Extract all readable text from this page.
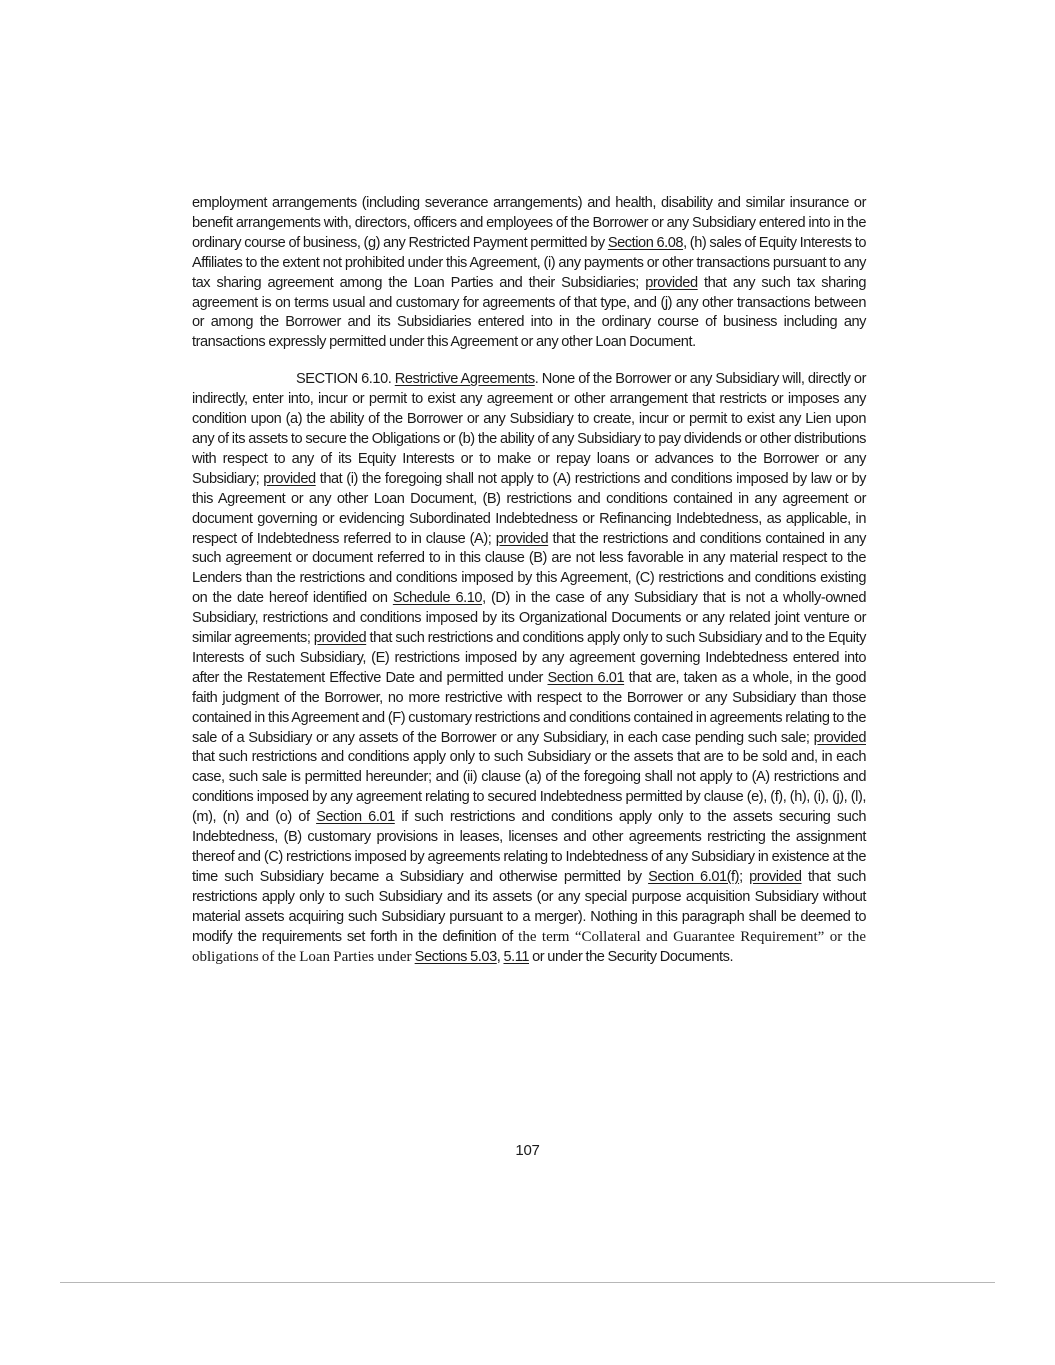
employment arrangements (including severance arrangements) and health, disability and similar insurance or benefit arrangements with, directors, officers and employees of the Borrower or any Subsidiary entered into in the ordinary course of business, (g) any Restricted Payment permitted by Section 6.08, (h) sales of Equity Interests to Affiliates to the extent not prohibited under this Agreement, (i) any payments or other transactions pursuant to any tax sharing agreement among the Loan Parties and their Subsidiaries; provided that any such tax sharing agreement is on terms usual and customary for agreements of that type, and (j) any other transactions between or among the Borrower and its Subsidiaries entered into in the ordinary course of business including any transactions expressly permitted under this Agreement or any other Loan Document.

SECTION 6.10. Restrictive Agreements. None of the Borrower or any Subsidiary will, directly or indirectly, enter into, incur or permit to exist any agreement or other arrangement that restricts or imposes any condition upon (a) the ability of the Borrower or any Subsidiary to create, incur or permit to exist any Lien upon any of its assets to secure the Obligations or (b) the ability of any Subsidiary to pay dividends or other distributions with respect to any of its Equity Interests or to make or repay loans or advances to the Borrower or any Subsidiary; provided that (i) the foregoing shall not apply to (A) restrictions and conditions imposed by law or by this Agreement or any other Loan Document, (B) restrictions and conditions contained in any agreement or document governing or evidencing Subordinated Indebtedness or Refinancing Indebtedness, as applicable, in respect of Indebtedness referred to in clause (A); provided that the restrictions and conditions contained in any such agreement or document referred to in this clause (B) are not less favorable in any material respect to the Lenders than the restrictions and conditions imposed by this Agreement, (C) restrictions and conditions existing on the date hereof identified on Schedule 6.10, (D) in the case of any Subsidiary that is not a wholly-owned Subsidiary, restrictions and conditions imposed by its Organizational Documents or any related joint venture or similar agreements; provided that such restrictions and conditions apply only to such Subsidiary and to the Equity Interests of such Subsidiary, (E) restrictions imposed by any agreement governing Indebtedness entered into after the Restatement Effective Date and permitted under Section 6.01 that are, taken as a whole, in the good faith judgment of the Borrower, no more restrictive with respect to the Borrower or any Subsidiary than those contained in this Agreement and (F) customary restrictions and conditions contained in agreements relating to the sale of a Subsidiary or any assets of the Borrower or any Subsidiary, in each case pending such sale; provided that such restrictions and conditions apply only to such Subsidiary or the assets that are to be sold and, in each case, such sale is permitted hereunder; and (ii) clause (a) of the foregoing shall not apply to (A) restrictions and conditions imposed by any agreement relating to secured Indebtedness permitted by clause (e), (f), (h), (i), (j), (l), (m), (n) and (o) of Section 6.01 if such restrictions and conditions apply only to the assets securing such Indebtedness, (B) customary provisions in leases, licenses and other agreements restricting the assignment thereof and (C) restrictions imposed by agreements relating to Indebtedness of any Subsidiary in existence at the time such Subsidiary became a Subsidiary and otherwise permitted by Section 6.01(f); provided that such restrictions apply only to such Subsidiary and its assets (or any special purpose acquisition Subsidiary without material assets acquiring such Subsidiary pursuant to a merger). Nothing in this paragraph shall be deemed to modify the requirements set forth in the definition of the term “Collateral and Guarantee Requirement” or the obligations of the Loan Parties under Sections 5.03, 5.11 or under the Security Documents.

107
